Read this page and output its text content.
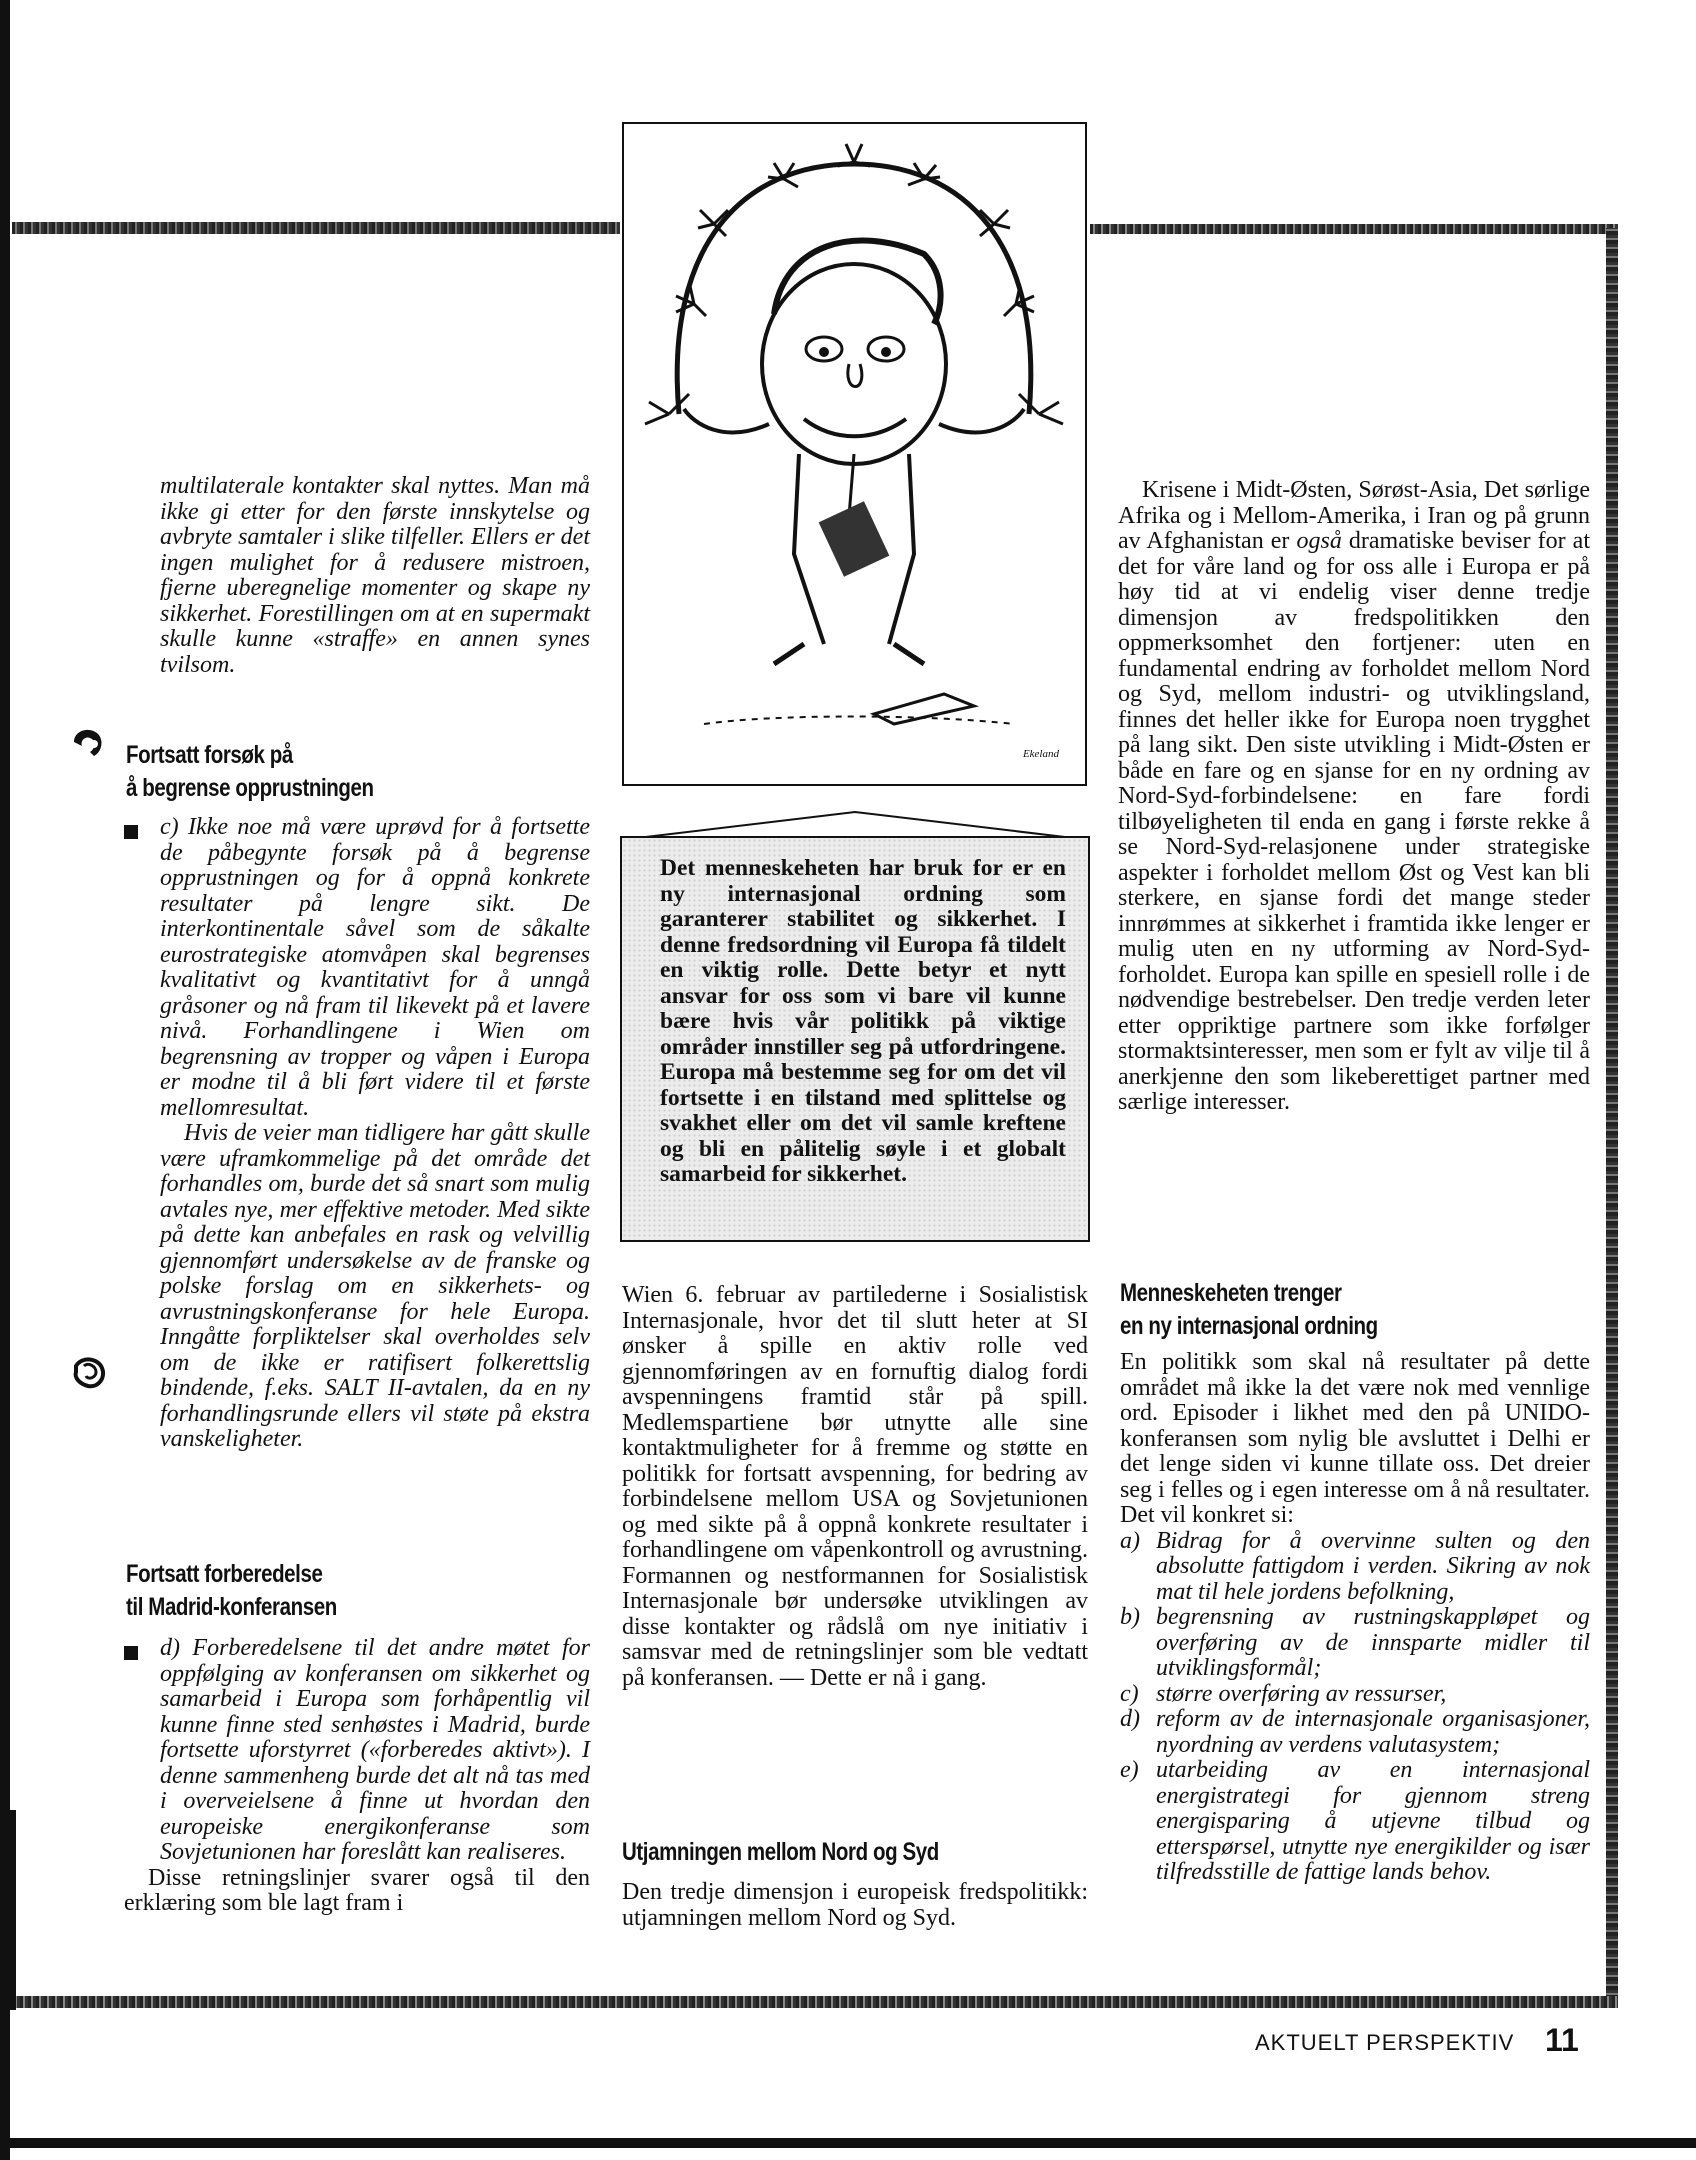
multilaterale kontakter skal nyttes. Man må ikke gi etter for den første innskytelse og avbryte samtaler i slike tilfeller. Ellers er det ingen mulighet for å redusere mistroen, fjerne uberegnelige momenter og skape ny sikkerhet. Forestillingen om at en supermakt skulle kunne «straffe» en annen synes tvilsom.

Fortsatt forsøk på
å begrense opprustningen

c) Ikke noe må være uprøvd for å fortsette de påbegynte forsøk på å begrense opprustningen og for å oppnå konkrete resultater på lengre sikt. De interkontinentale såvel som de såkalte eurostrategiske atomvåpen skal begrenses kvalitativt og kvantitativt for å unngå gråsoner og nå fram til likevekt på et lavere nivå. Forhandlingene i Wien om begrensning av tropper og våpen i Europa er modne til å bli ført videre til et første mellomresultat.

Hvis de veier man tidligere har gått skulle være uframkommelige på det område det forhandles om, burde det så snart som mulig avtales nye, mer effektive metoder. Med sikte på dette kan anbefales en rask og velvillig gjennomført undersøkelse av de franske og polske forslag om en sikkerhets- og avrustningskonferanse for hele Europa. Inngåtte forpliktelser skal overholdes selv om de ikke er ratifisert folkerettslig bindende, f.eks. SALT II-avtalen, da en ny forhandlingsrunde ellers vil støte på ekstra vanskeligheter.

Fortsatt forberedelse
til Madrid-konferansen

d) Forberedelsene til det andre møtet for oppfølging av konferansen om sikkerhet og samarbeid i Europa som forhåpentlig vil kunne finne sted senhøstes i Madrid, burde fortsette uforstyrret («forberedes aktivt»). I denne sammenheng burde det alt nå tas med i overveielsene å finne ut hvordan den europeiske energikonferanse som Sovjetunionen har foreslått kan realiseres.

Disse retningslinjer svarer også til den erklæring som ble lagt fram i

Ekeland

Det menneskeheten har bruk for er en ny internasjonal ordning som garanterer stabilitet og sikkerhet. I denne fredsordning vil Europa få tildelt en viktig rolle. Dette betyr et nytt ansvar for oss som vi bare vil kunne bære hvis vår politikk på viktige områder innstiller seg på utfordringene. Europa må bestemme seg for om det vil fortsette i en tilstand med splittelse og svakhet eller om det vil samle kreftene og bli en pålitelig søyle i et globalt samarbeid for sikkerhet.

Wien 6. februar av partilederne i Sosialistisk Internasjonale, hvor det til slutt heter at SI ønsker å spille en aktiv rolle ved gjennomføringen av en fornuftig dialog fordi avspenningens framtid står på spill. Medlemspartiene bør utnytte alle sine kontaktmuligheter for å fremme og støtte en politikk for fortsatt avspenning, for bedring av forbindelsene mellom USA og Sovjetunionen og med sikte på å oppnå konkrete resultater i forhandlingene om våpenkontroll og avrustning. Formannen og nestformannen for Sosialistisk Internasjonale bør undersøke utviklingen av disse kontakter og rådslå om nye initiativ i samsvar med de retningslinjer som ble vedtatt på konferansen. — Dette er nå i gang.

Utjamningen mellom Nord og Syd

Den tredje dimensjon i europeisk fredspolitikk: utjamningen mellom Nord og Syd.

Krisene i Midt-Østen, Sørøst-Asia, Det sørlige Afrika og i Mellom-Amerika, i Iran og på grunn av Afghanistan er også dramatiske beviser for at det for våre land og for oss alle i Europa er på høy tid at vi endelig viser denne tredje dimensjon av fredspolitikken den oppmerksomhet den fortjener: uten en fundamental endring av forholdet mellom Nord og Syd, mellom industri- og utviklingsland, finnes det heller ikke for Europa noen trygghet på lang sikt. Den siste utvikling i Midt-Østen er både en fare og en sjanse for en ny ordning av Nord-Syd-forbindelsene: en fare fordi tilbøyeligheten til enda en gang i første rekke å se Nord-Syd-relasjonene under strategiske aspekter i forholdet mellom Øst og Vest kan bli sterkere, en sjanse fordi det mange steder innrømmes at sikkerhet i framtida ikke lenger er mulig uten en ny utforming av Nord-Syd-forholdet. Europa kan spille en spesiell rolle i de nødvendige bestrebelser. Den tredje verden leter etter oppriktige partnere som ikke forfølger stormaktsinteresser, men som er fylt av vilje til å anerkjenne den som likeberettiget partner med særlige interesser.

Menneskeheten trenger
en ny internasjonal ordning

En politikk som skal nå resultater på dette området må ikke la det være nok med vennlige ord. Episoder i likhet med den på UNIDO-konferansen som nylig ble avsluttet i Delhi er det lenge siden vi kunne tillate oss. Det dreier seg i felles og i egen interesse om å nå resultater. Det vil konkret si:

a) Bidrag for å overvinne sulten og den absolutte fattigdom i verden. Sikring av nok mat til hele jordens befolkning,
b) begrensning av rustningskappløpet og overføring av de innsparte midler til utviklingsformål;
c) større overføring av ressurser,
d) reform av de internasjonale organisasjoner, nyordning av verdens valutasystem;
e) utarbeiding av en internasjonal energistrategi for gjennom streng energisparing å utjevne tilbud og etterspørsel, utnytte nye energikilder og især tilfredsstille de fattige lands behov.
AKTUELT PERSPEKTIV 11
